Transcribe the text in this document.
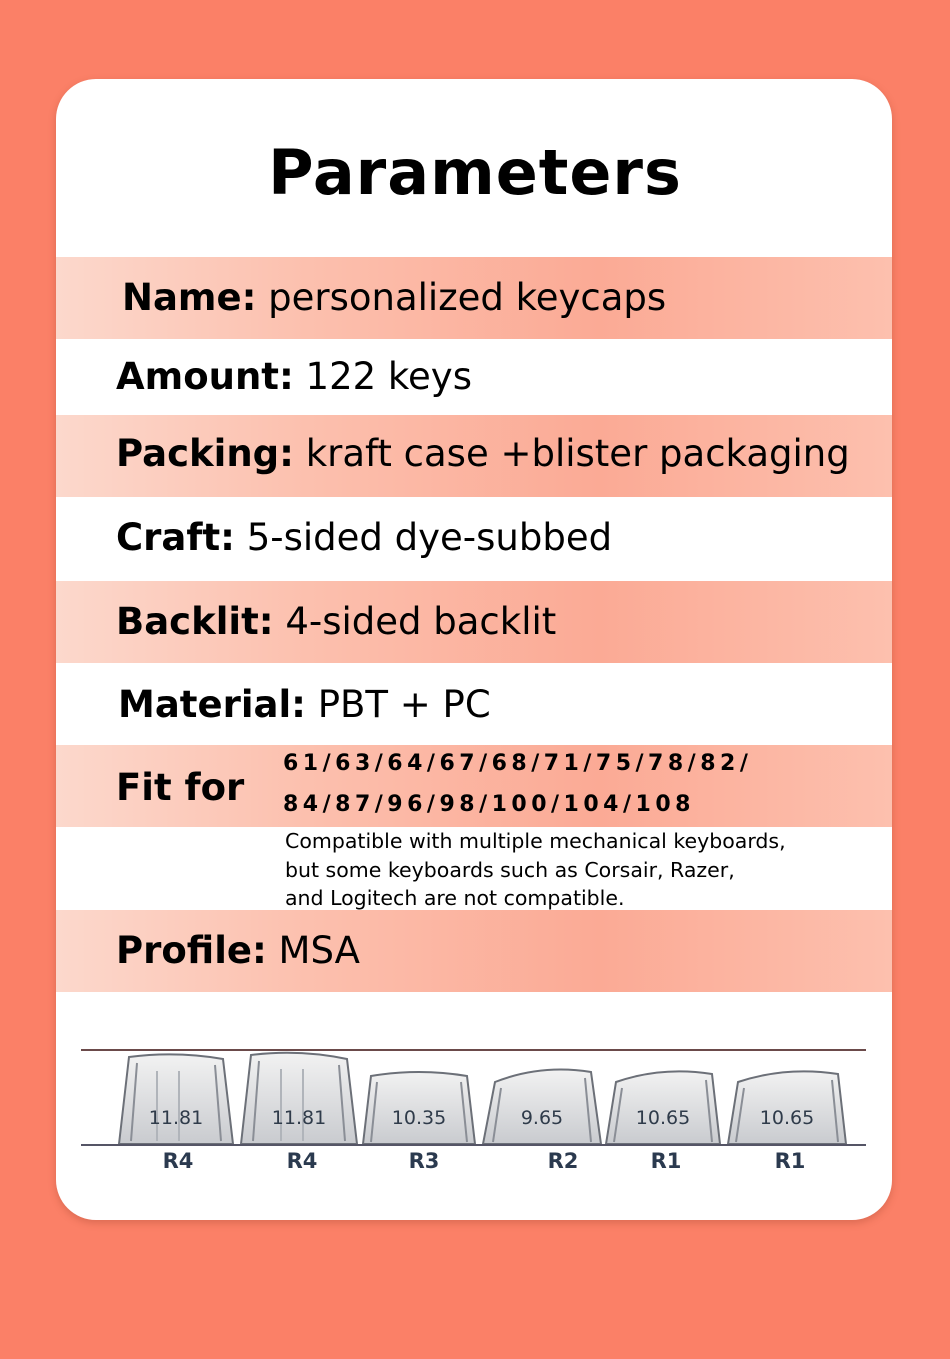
Parameters
Name: personalized keycaps
Amount: 122 keys
Packing: kraft case +blister packaging
Craft: 5-sided dye-subbed
Backlit: 4-sided backlit
Material: PBT + PC
Fit for
61/63/64/67/68/71/75/78/82/
84/87/96/98/100/104/108
Compatible with multiple mechanical keyboards,
but some keyboards such as Corsair, Razer,
and Logitech are not compatible.
Profile: MSA
11.81	11.81	10.35	9.65	10.65	10.65
R4	R4	R3	R2	R1	R1
